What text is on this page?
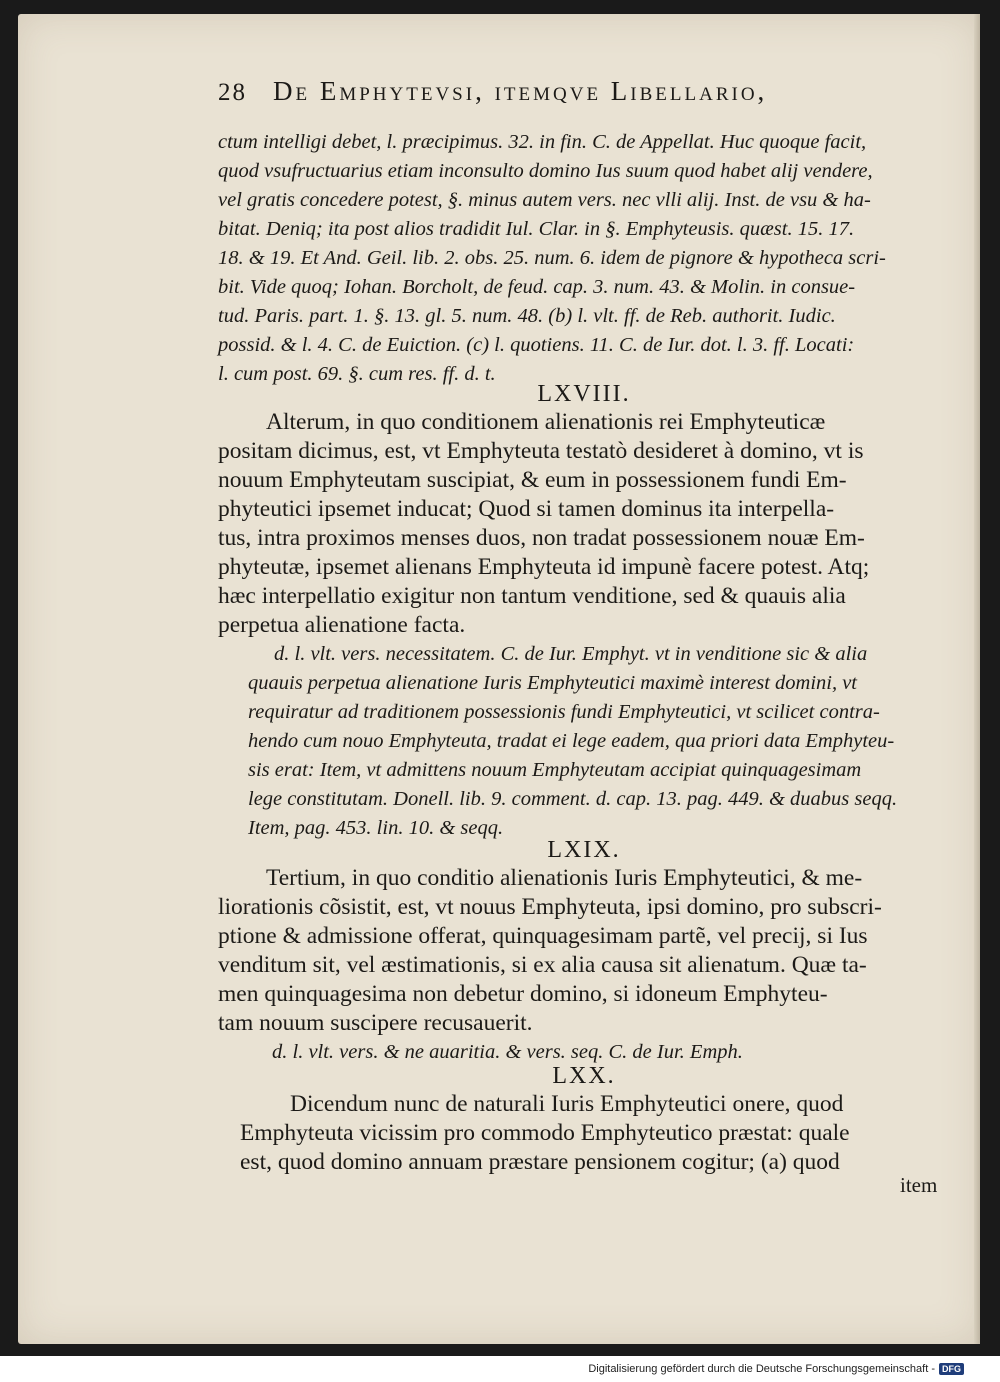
28 De Emphytevsi, itemqve Libellario,
ctum intelligi debet, l. præcipimus. 32. in fin. C. de Appellat. Huc quoque facit,
quod vsufructuarius etiam inconsulto domino Ius suum quod habet alij vendere,
vel gratis concedere potest, §. minus autem vers. nec vlli alij. Inst. de vsu & ha-
bitat. Deniq; ita post alios tradidit Iul. Clar. in §. Emphyteusis. quæst. 15. 17.
18. & 19. Et And. Geil. lib. 2. obs. 25. num. 6. idem de pignore & hypotheca scri-
bit. Vide quoq; Iohan. Borcholt, de feud. cap. 3. num. 43. & Molin. in consue-
tud. Paris. part. 1. §. 13. gl. 5. num. 48. (b) l. vlt. ff. de Reb. authorit. Iudic.
possid. & l. 4. C. de Euiction. (c) l. quotiens. 11. C. de Iur. dot. l. 3. ff. Locati:
l. cum post. 69. §. cum res. ff. d. t.
LXVIII.
Alterum, in quo conditionem alienationis rei Emphyteuticæ
positam dicimus, est, vt Emphyteuta testatò desideret à domino, vt is
nouum Emphyteutam suscipiat, & eum in possessionem fundi Em-
phyteutici ipsemet inducat; Quod si tamen dominus ita interpella-
tus, intra proximos menses duos, non tradat possessionem nouæ Em-
phyteutæ, ipsemet alienans Emphyteuta id impunè facere potest. Atq;
hæc interpellatio exigitur non tantum venditione, sed & quauis alia
perpetua alienatione facta.
d. l. vlt. vers. necessitatem. C. de Iur. Emphyt. vt in venditione sic & alia
quauis perpetua alienatione Iuris Emphyteutici maximè interest domini, vt
requiratur ad traditionem possessionis fundi Emphyteutici, vt scilicet contra-
hendo cum nouo Emphyteuta, tradat ei lege eadem, qua priori data Emphyteu-
sis erat: Item, vt admittens nouum Emphyteutam accipiat quinquagesimam
lege constitutam. Donell. lib. 9. comment. d. cap. 13. pag. 449. & duabus seqq.
Item, pag. 453. lin. 10. & seqq.
LXIX.
Tertium, in quo conditio alienationis Iuris Emphyteutici, & me-
liorationis cõsistit, est, vt nouus Emphyteuta, ipsi domino, pro subscri-
ptione & admissione offerat, quinquagesimam partẽ, vel precij, si Ius
venditum sit, vel æstimationis, si ex alia causa sit alienatum. Quæ ta-
men quinquagesima non debetur domino, si idoneum Emphyteu-
tam nouum suscipere recusauerit.
d. l. vlt. vers. & ne auaritia. & vers. seq. C. de Iur. Emph.
LXX.
Dicendum nunc de naturali Iuris Emphyteutici onere, quod
Emphyteuta vicissim pro commodo Emphyteutico præstat: quale
est, quod domino annuam præstare pensionem cogitur; (a) quod
item
Digitalisierung gefördert durch die Deutsche Forschungsgemeinschaft - DFG
